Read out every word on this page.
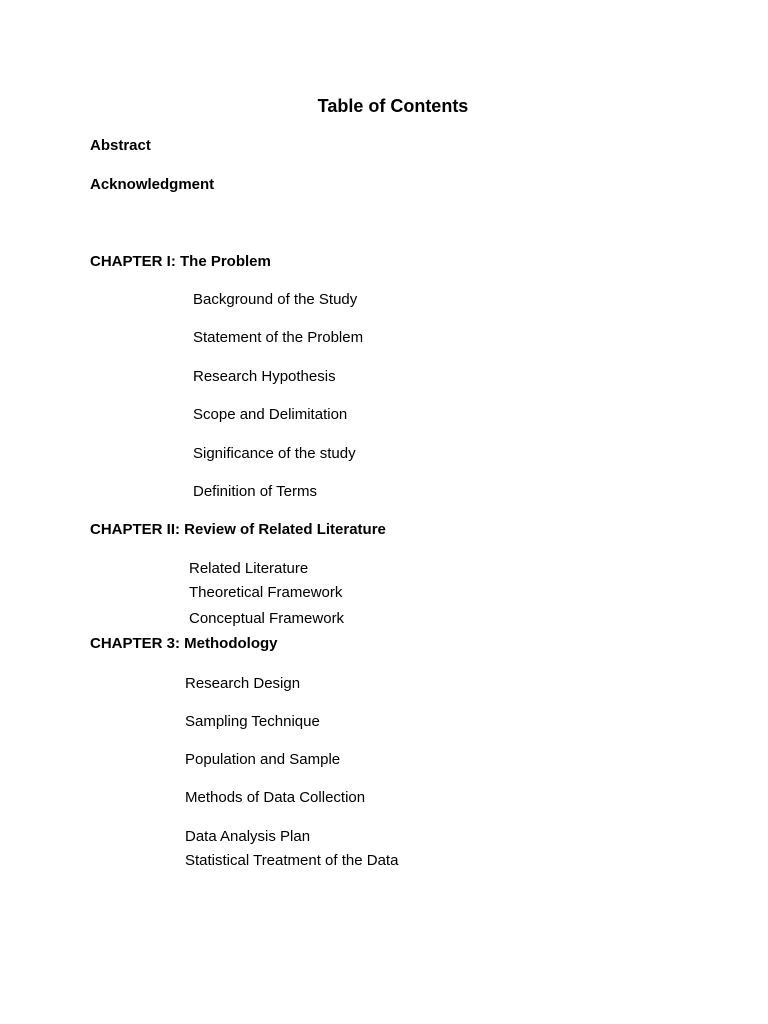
Table of Contents
Abstract
Acknowledgment
CHAPTER I: The Problem
Background of the Study
Statement of the Problem
Research Hypothesis
Scope and Delimitation
Significance of the study
Definition of Terms
CHAPTER II: Review of Related Literature
Related Literature
Theoretical Framework
Conceptual Framework
CHAPTER 3: Methodology
Research Design
Sampling Technique
Population and Sample
Methods of Data Collection
Data Analysis Plan
Statistical Treatment of the Data
